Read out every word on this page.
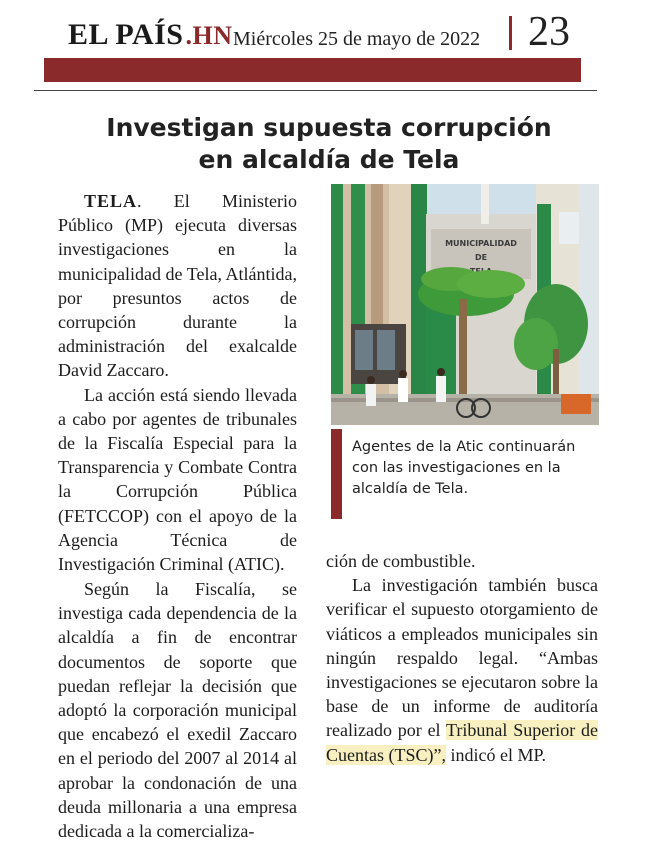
EL PAÍS.HN Miércoles 25 de mayo de 2022 23
Investigan supuesta corrupción
en alcaldía de Tela

TELA. El Ministerio Público (MP) ejecuta diversas investigaciones en la municipalidad de Tela, Atlántida, por presuntos actos de corrupción durante la administración del exalcalde David Zaccaro.

La acción está siendo llevada a cabo por agentes de tribunales de la Fiscalía Especial para la Transparencia y Combate Contra la Corrupción Pública (FETCCOP) con el apoyo de la Agencia Técnica de Investigación Criminal (ATIC).

Según la Fiscalía, se investiga cada dependencia de la alcaldía a fin de encontrar documentos de soporte que puedan reflejar la decisión que adoptó la corporación municipal que encabezó el exedil Zaccaro en el periodo del 2007 al 2014 al aprobar la condonación de una deuda millonaria a una empresa dedicada a la comercializa-

MUNICIPALIDAD
DE
Agentes de la Atic continuarán con las investigaciones en la alcaldía de Tela.

ción de combustible.

La investigación también busca verificar el supuesto otorgamiento de viáticos a empleados municipales sin ningún respaldo legal. “Ambas investigaciones se ejecutaron sobre la base de un informe de auditoría realizado por el Tribunal Superior de Cuentas (TSC)”, indicó el MP.
